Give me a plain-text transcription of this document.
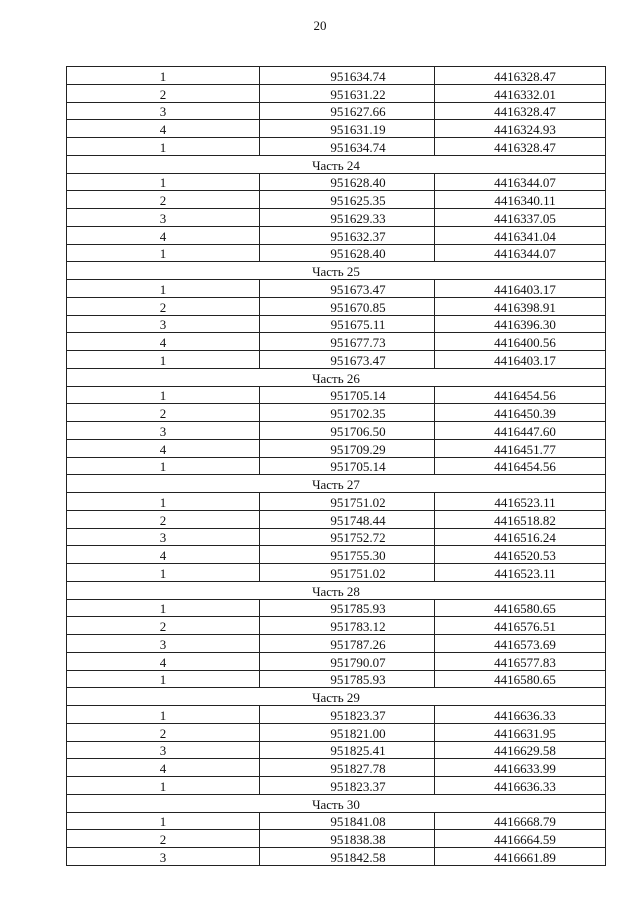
20
1	951634.74	4416328.47
2	951631.22	4416332.01
3	951627.66	4416328.47
4	951631.19	4416324.93
1	951634.74	4416328.47
Часть 24		
1	951628.40	4416344.07
2	951625.35	4416340.11
3	951629.33	4416337.05
4	951632.37	4416341.04
1	951628.40	4416344.07
Часть 25		
1	951673.47	4416403.17
2	951670.85	4416398.91
3	951675.11	4416396.30
4	951677.73	4416400.56
1	951673.47	4416403.17
Часть 26		
1	951705.14	4416454.56
2	951702.35	4416450.39
3	951706.50	4416447.60
4	951709.29	4416451.77
1	951705.14	4416454.56
Часть 27		
1	951751.02	4416523.11
2	951748.44	4416518.82
3	951752.72	4416516.24
4	951755.30	4416520.53
1	951751.02	4416523.11
Часть 28		
1	951785.93	4416580.65
2	951783.12	4416576.51
3	951787.26	4416573.69
4	951790.07	4416577.83
1	951785.93	4416580.65
Часть 29		
1	951823.37	4416636.33
2	951821.00	4416631.95
3	951825.41	4416629.58
4	951827.78	4416633.99
1	951823.37	4416636.33
Часть 30		
1	951841.08	4416668.79
2	951838.38	4416664.59
3	951842.58	4416661.89
